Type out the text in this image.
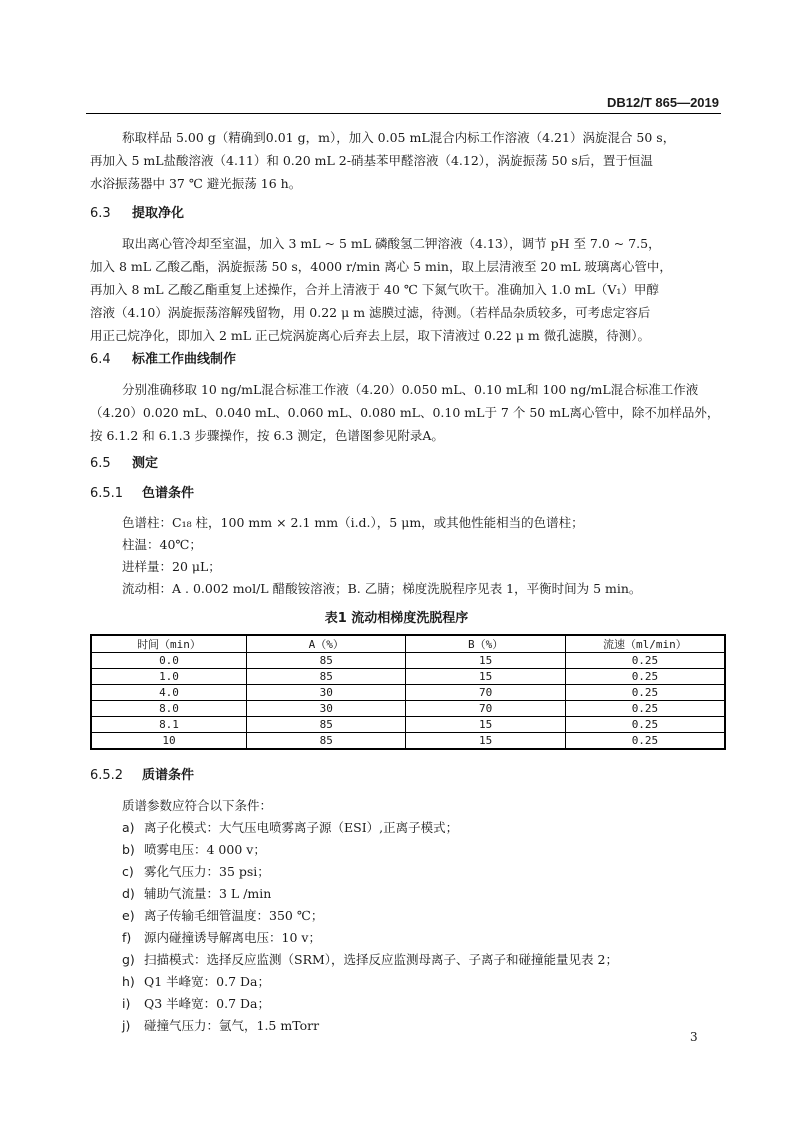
DB12/T 865—2019
称取样品 5.00 g（精确到0.01 g，m），加入 0.05 mL混合内标工作溶液（4.21）涡旋混合 50 s，
再加入 5 mL盐酸溶液（4.11）和 0.20 mL 2-硝基苯甲醛溶液（4.12），涡旋振荡 50 s后，置于恒温
水浴振荡器中 37 ℃ 避光振荡 16 h。
6.3 提取净化
取出离心管冷却至室温，加入 3 mL ~ 5 mL 磷酸氢二钾溶液（4.13），调节 pH 至 7.0 ~ 7.5，
加入 8 mL 乙酸乙酯，涡旋振荡 50 s，4000 r/min 离心 5 min，取上层清液至 20 mL 玻璃离心管中，
再加入 8 mL 乙酸乙酯重复上述操作，合并上清液于 40 ℃ 下氮气吹干。准确加入 1.0 mL（V₁）甲醇
溶液（4.10）涡旋振荡溶解残留物，用 0.22 μ m 滤膜过滤，待测。（若样品杂质较多，可考虑定容后
用正己烷净化，即加入 2 mL 正己烷涡旋离心后弃去上层，取下清液过 0.22 μ m 微孔滤膜，待测）。
6.4 标准工作曲线制作
分别准确移取 10 ng/mL混合标准工作液（4.20）0.050 mL、0.10 mL和 100 ng/mL混合标准工作液
（4.20）0.020 mL、0.040 mL、0.060 mL、0.080 mL、0.10 mL于 7 个 50 mL离心管中，除不加样品外，
按 6.1.2 和 6.1.3 步骤操作，按 6.3 测定，色谱图参见附录A。
6.5 测定
6.5.1 色谱条件
色谱柱：C₁₈ 柱，100 mm × 2.1 mm（i.d.），5 μm，或其他性能相当的色谱柱；
柱温：40℃；
进样量：20 μL；
流动相：A . 0.002 mol/L 醋酸铵溶液；B. 乙腈；梯度洗脱程序见表 1，平衡时间为 5 min。
表1 流动相梯度洗脱程序
时间（min）	A（%）	B（%）	流速（ml/min）
0.0	85	15	0.25
1.0	85	15	0.25
4.0	30	70	0.25
8.0	30	70	0.25
8.1	85	15	0.25
10	85	15	0.25
6.5.2 质谱条件
质谱参数应符合以下条件：
a) 离子化模式：大气压电喷雾离子源（ESI）,正离子模式；
b) 喷雾电压：4 000 v；
c) 雾化气压力：35 psi；
d) 辅助气流量：3 L /min
e) 离子传输毛细管温度：350 ℃；
f) 源内碰撞诱导解离电压：10 v；
g) 扫描模式：选择反应监测（SRM），选择反应监测母离子、子离子和碰撞能量见表 2；
h) Q1 半峰宽：0.7 Da；
i) Q3 半峰宽：0.7 Da；
j) 碰撞气压力：氩气，1.5 mTorr
3
